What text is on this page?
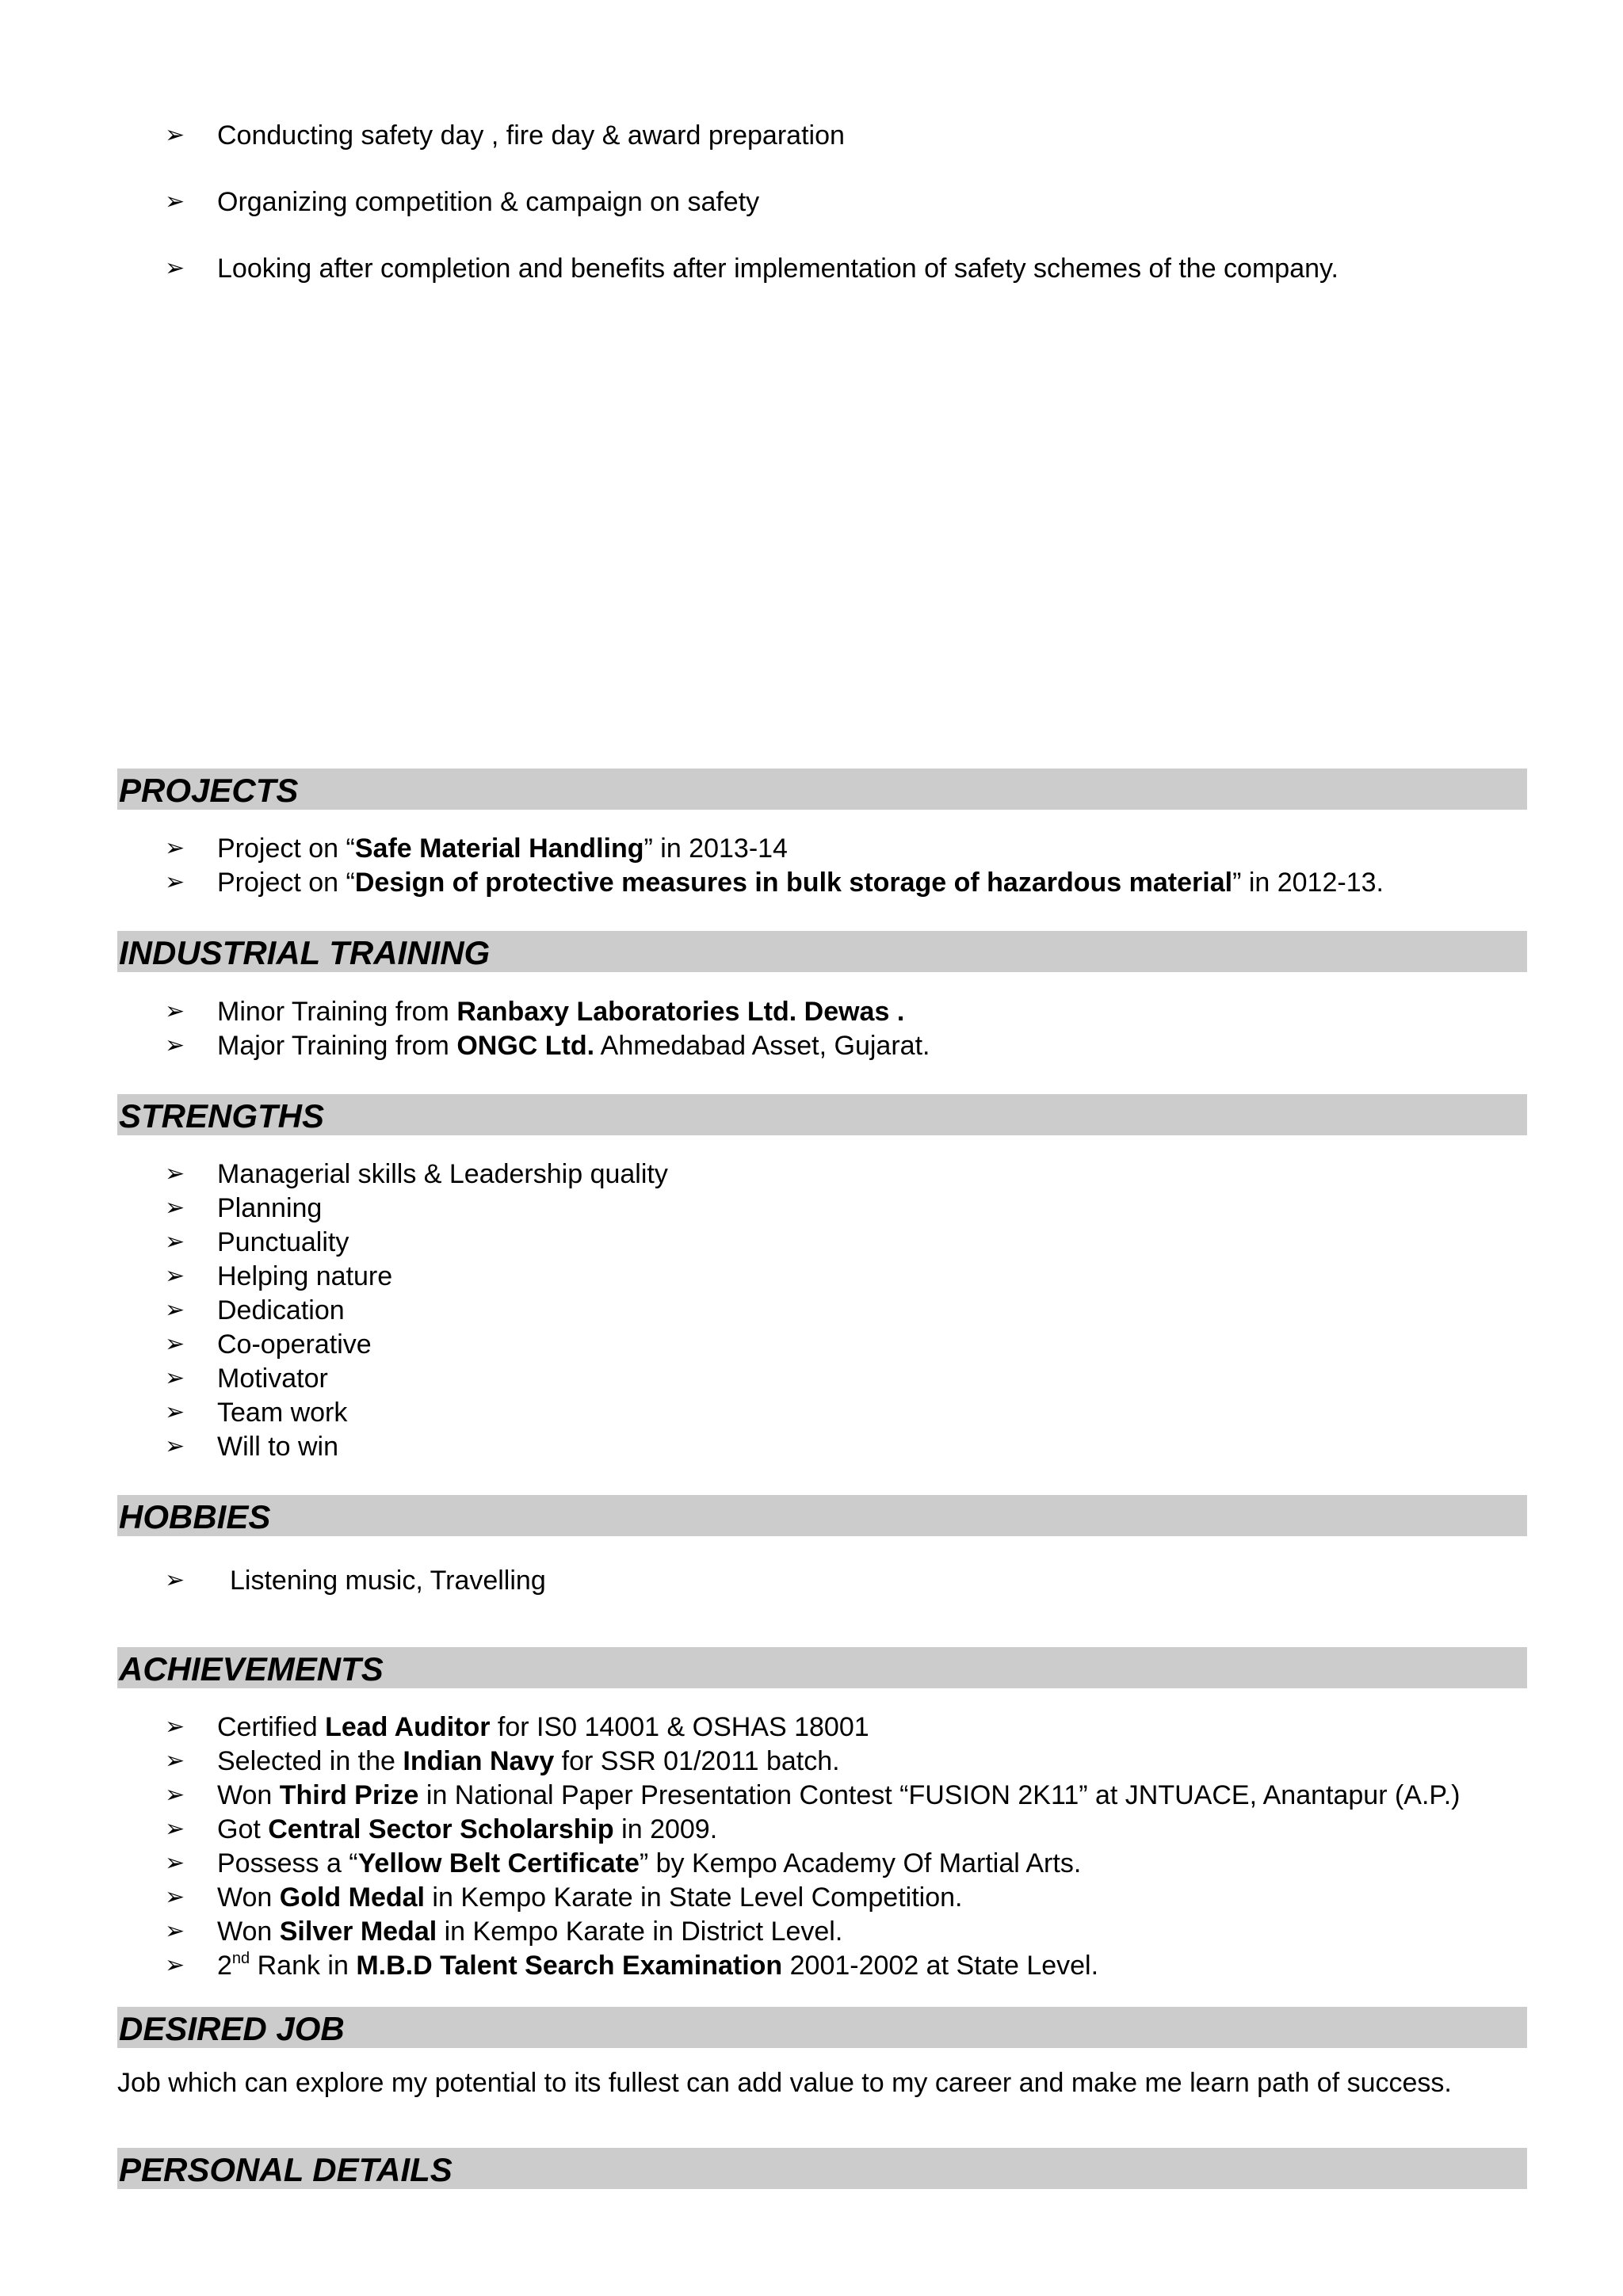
➢ Conducting safety day , fire day & award preparation
➢ Organizing competition & campaign on safety
➢ Looking after completion and benefits after implementation of safety schemes of the company.
PROJECTS
➢ Project on “Safe Material Handling” in 2013-14
➢ Project on “Design of protective measures in bulk storage of hazardous material” in 2012-13.
INDUSTRIAL TRAINING
➢ Minor Training from Ranbaxy Laboratories Ltd. Dewas .
➢ Major Training from ONGC Ltd. Ahmedabad Asset, Gujarat.
STRENGTHS
➢ Managerial skills & Leadership quality
➢ Planning
➢ Punctuality
➢ Helping nature
➢ Dedication
➢ Co-operative
➢ Motivator
➢ Team work
➢ Will to win
HOBBIES
➢ Listening music, Travelling
ACHIEVEMENTS
➢ Certified Lead Auditor for IS0 14001 & OSHAS 18001
➢ Selected in the Indian Navy for SSR 01/2011 batch.
➢ Won Third Prize in National Paper Presentation Contest “FUSION 2K11” at JNTUACE, Anantapur (A.P.)
➢ Got Central Sector Scholarship in 2009.
➢ Possess a “Yellow Belt Certificate” by Kempo Academy Of Martial Arts.
➢ Won Gold Medal in Kempo Karate in State Level Competition.
➢ Won Silver Medal in Kempo Karate in District Level.
➢ 2nd Rank in M.B.D Talent Search Examination 2001-2002 at State Level.
DESIRED JOB
Job which can explore my potential to its fullest can add value to my career and make me learn path of success.
PERSONAL DETAILS
